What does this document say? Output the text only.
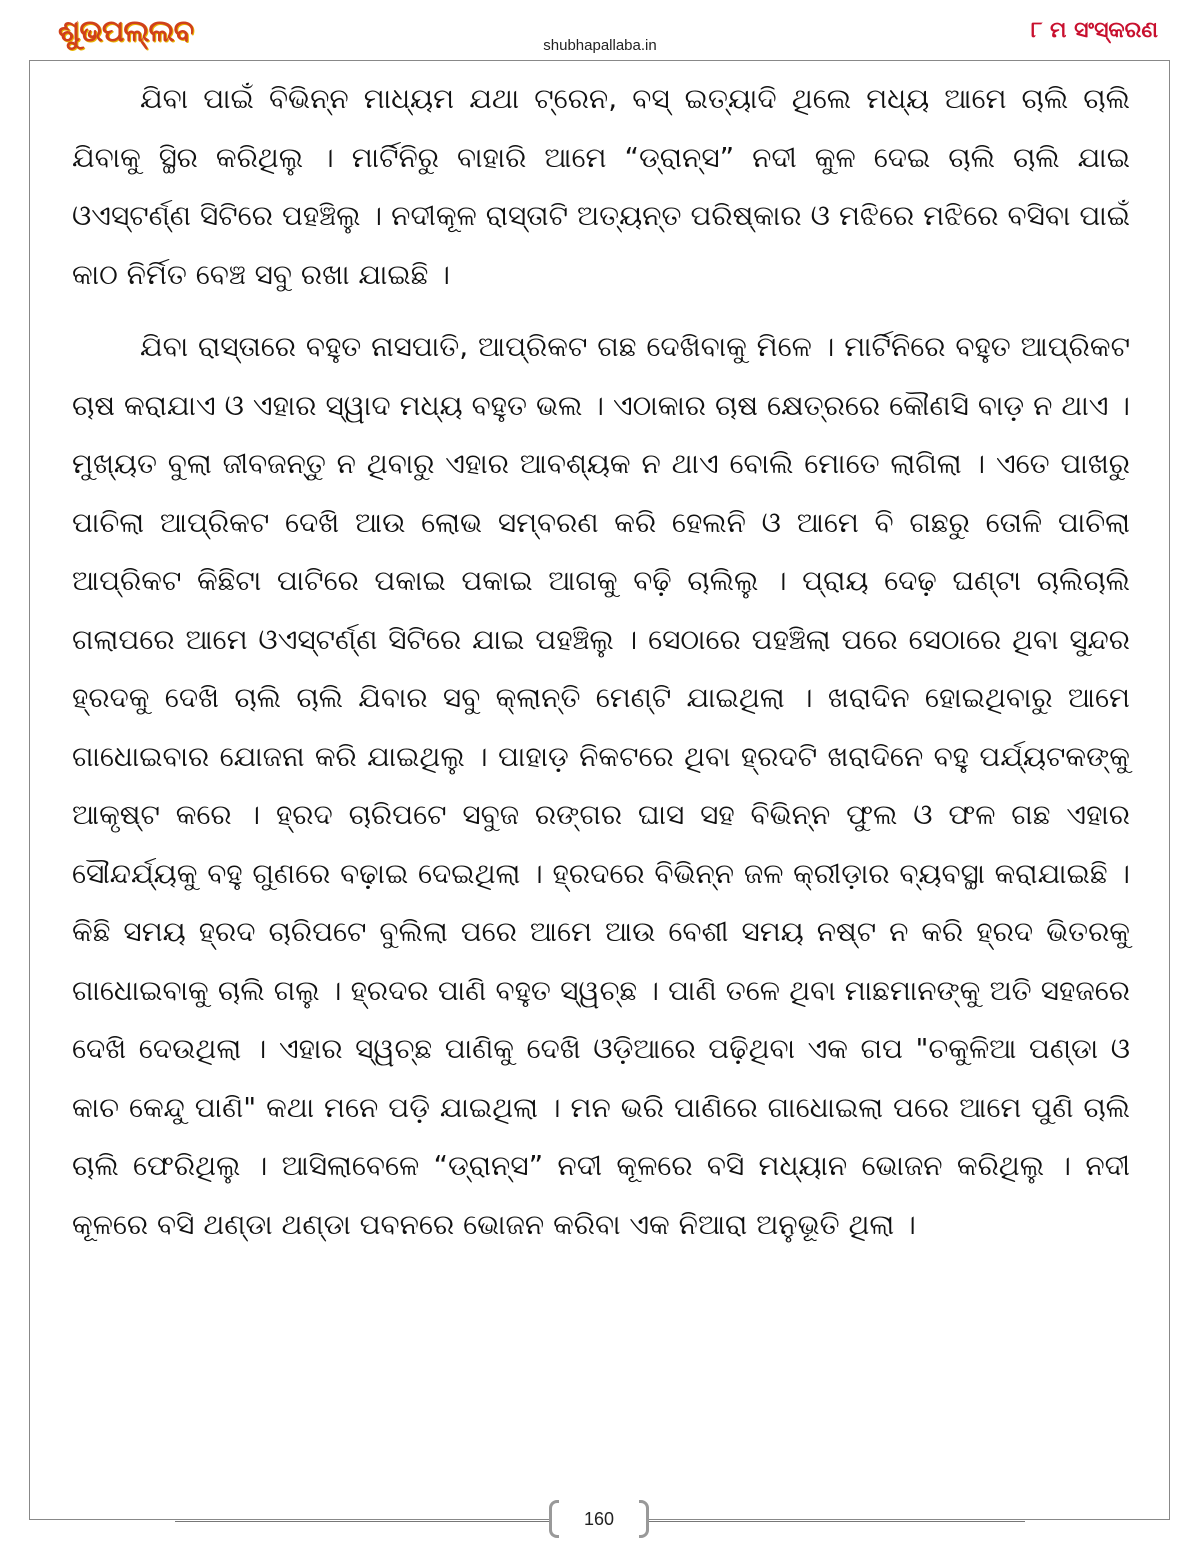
ଶୁଭପଲ୍ଲବ	shubhapallaba.in
୮ ମ ସଂସ୍କରଣ

ଯିବା ପାଇଁ ବିଭିନ୍ନ ମାଧ୍ୟମ ଯଥା ଟ୍ରେନ, ବସ୍ ଇତ୍ୟାଦି ଥିଲେ ମଧ୍ୟ ଆମେ ଚାଲି ଚାଲି ଯିବାକୁ ସ୍ଥିର କରିଥିଲୁ । ମାର୍ଟିନିରୁ ବାହାରି ଆମେ “ଡ୍ରାନ୍ସ” ନଦୀ କୁଳ ଦେଇ ଚାଲି ଚାଲି ଯାଇ ଓଏସ୍ଟର୍ଣ୍ଣ ସିଟିରେ ପହଞ୍ଚିଲୁ । ନଦୀକୂଳ ରାସ୍ତାଟି ଅତ୍ୟନ୍ତ ପରିଷ୍କାର ଓ ମଝିରେ ମଝିରେ ବସିବା ପାଇଁ କାଠ ନିର୍ମିତ ବେଞ୍ଚ ସବୁ ରଖା ଯାଇଛି ।

ଯିବା ରାସ୍ତାରେ ବହୁତ ନାସପାତି, ଆପ୍ରିକଟ ଗଛ ଦେଖିବାକୁ ମିଳେ । ମାର୍ଟିନିରେ ବହୁତ ଆପ୍ରିକଟ ଚାଷ କରାଯାଏ ଓ ଏହାର ସ୍ୱାଦ ମଧ୍ୟ ବହୁତ ଭଲ । ଏଠାକାର ଚାଷ କ୍ଷେତ୍ରରେ କୌଣସି ବାଡ଼ ନ ଥାଏ । ମୁଖ୍ୟତ ବୁଲା ଜୀବଜନ୍ତୁ ନ ଥିବାରୁ ଏହାର ଆବଶ୍ୟକ ନ ଥାଏ ବୋଲି ମୋତେ ଲାଗିଲା । ଏତେ ପାଖରୁ ପାଚିଲା ଆପ୍ରିକଟ ଦେଖି ଆଉ ଲୋଭ ସମ୍ବରଣ କରି ହେଲନି ଓ ଆମେ ବି ଗଛରୁ ତୋଳି ପାଚିଲା ଆପ୍ରିକଟ କିଛିଟା ପାଟିରେ ପକାଇ ପକାଇ ଆଗକୁ ବଢ଼ି ଚାଲିଲୁ । ପ୍ରାୟ ଦେଢ଼ ଘଣ୍ଟା ଚାଲିଚାଲି ଗଲାପରେ ଆମେ ଓଏସ୍ଟର୍ଣ୍ଣ ସିଟିରେ ଯାଇ ପହଞ୍ଚିଲୁ । ସେଠାରେ ପହଞ୍ଚିଲା ପରେ ସେଠାରେ ଥିବା ସୁନ୍ଦର ହ୍ରଦକୁ ଦେଖି ଚାଲି ଚାଲି ଯିବାର ସବୁ କ୍ଲାନ୍ତି ମେଣ୍ଟି ଯାଇଥିଲା । ଖରାଦିନ ହୋଇଥିବାରୁ ଆମେ ଗାଧୋଇବାର ଯୋଜନା କରି ଯାଇଥିଲୁ । ପାହାଡ଼ ନିକଟରେ ଥିବା ହ୍ରଦଟି ଖରାଦିନେ ବହୁ ପର୍ଯ୍ୟଟକଙ୍କୁ ଆକୃଷ୍ଟ କରେ । ହ୍ରଦ ଚାରିପଟେ ସବୁଜ ରଙ୍ଗର ଘାସ ସହ ବିଭିନ୍ନ ଫୁଲ ଓ ଫଳ ଗଛ ଏହାର ସୌନ୍ଦର୍ଯ୍ୟକୁ ବହୁ ଗୁଣରେ ବଢ଼ାଇ ଦେଇଥିଲା । ହ୍ରଦରେ ବିଭିନ୍ନ ଜଳ କ୍ରୀଡ଼ାର ବ୍ୟବସ୍ଥା କରାଯାଇଛି । କିଛି ସମୟ ହ୍ରଦ ଚାରିପଟେ ବୁଲିଲା ପରେ ଆମେ ଆଉ ବେଶୀ ସମୟ ନଷ୍ଟ ନ କରି ହ୍ରଦ ଭିତରକୁ ଗାଧୋଇବାକୁ ଚାଲି ଗଲୁ । ହ୍ରଦର ପାଣି ବହୁତ ସ୍ୱଚ୍ଛ । ପାଣି ତଳେ ଥିବା ମାଛମାନଙ୍କୁ ଅତି ସହଜରେ ଦେଖି ଦେଉଥିଲା । ଏହାର ସ୍ୱଚ୍ଛ ପାଣିକୁ ଦେଖି ଓଡ଼ିଆରେ ପଢ଼ିଥିବା ଏକ ଗପ "ଚକୁଳିଆ ପଣ୍ଡା ଓ କାଚ କେନ୍ଦୁ ପାଣି" କଥା ମନେ ପଡ଼ି ଯାଇଥିଲା । ମନ ଭରି ପାଣିରେ ଗାଧୋଇଲା ପରେ ଆମେ ପୁଣି ଚାଲି ଚାଲି ଫେରିଥିଲୁ । ଆସିଲାବେଳେ “ଡ୍ରାନ୍ସ” ନଦୀ କୂଳରେ ବସି ମଧ୍ୟାନ ଭୋଜନ କରିଥିଲୁ । ନଦୀ କୂଳରେ ବସି ଥଣ୍ଡା ଥଣ୍ଡା ପବନରେ ଭୋଜନ କରିବା ଏକ ନିଆରା ଅନୁଭୂତି ଥିଲା ।

160
